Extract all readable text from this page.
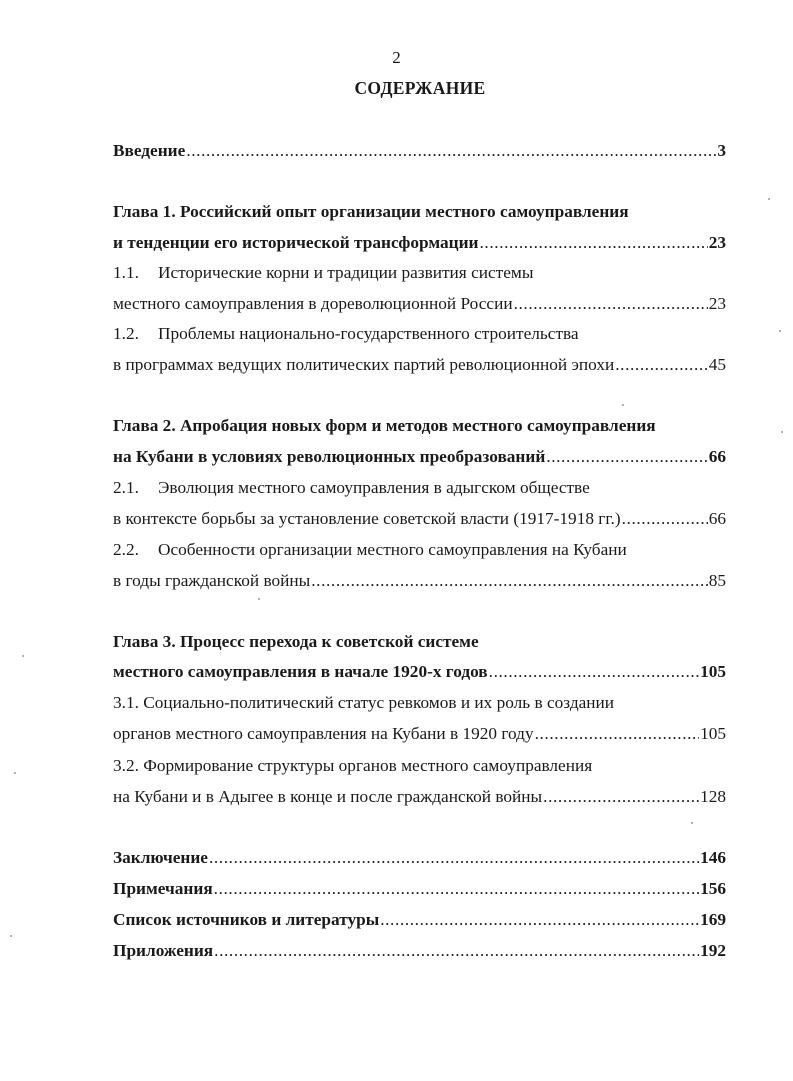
2
СОДЕРЖАНИЕ
Введение .....	3
Глава 1. Российский опыт организации местного самоуправления
и тенденции его исторической трансформации .....	23
1.1. Исторические корни и традиции развития системы
местного самоуправления в дореволюционной России .....	23
1.2. Проблемы национально-государственного строительства
в программах ведущих политических партий революционной эпохи .....	45
Глава 2. Апробация новых форм и методов местного самоуправления
на Кубани в условиях революционных преобразований .....	66
2.1. Эволюция местного самоуправления в адыгском обществе
в контексте борьбы за установление советской власти (1917-1918 гг.) .....	66
2.2. Особенности организации местного самоуправления на Кубани
в годы гражданской войны .....	85
Глава 3. Процесс перехода к советской системе
местного самоуправления в начале 1920-х годов .....	105
3.1. Социально-политический статус ревкомов и их роль в создании
органов местного самоуправления на Кубани в 1920 году .....	105
3.2. Формирование структуры органов местного самоуправления
на Кубани и в Адыгее в конце и после гражданской войны .....	128
Заключение .....	146
Примечания .....	156
Список источников и литературы .....	169
Приложения .....	192
